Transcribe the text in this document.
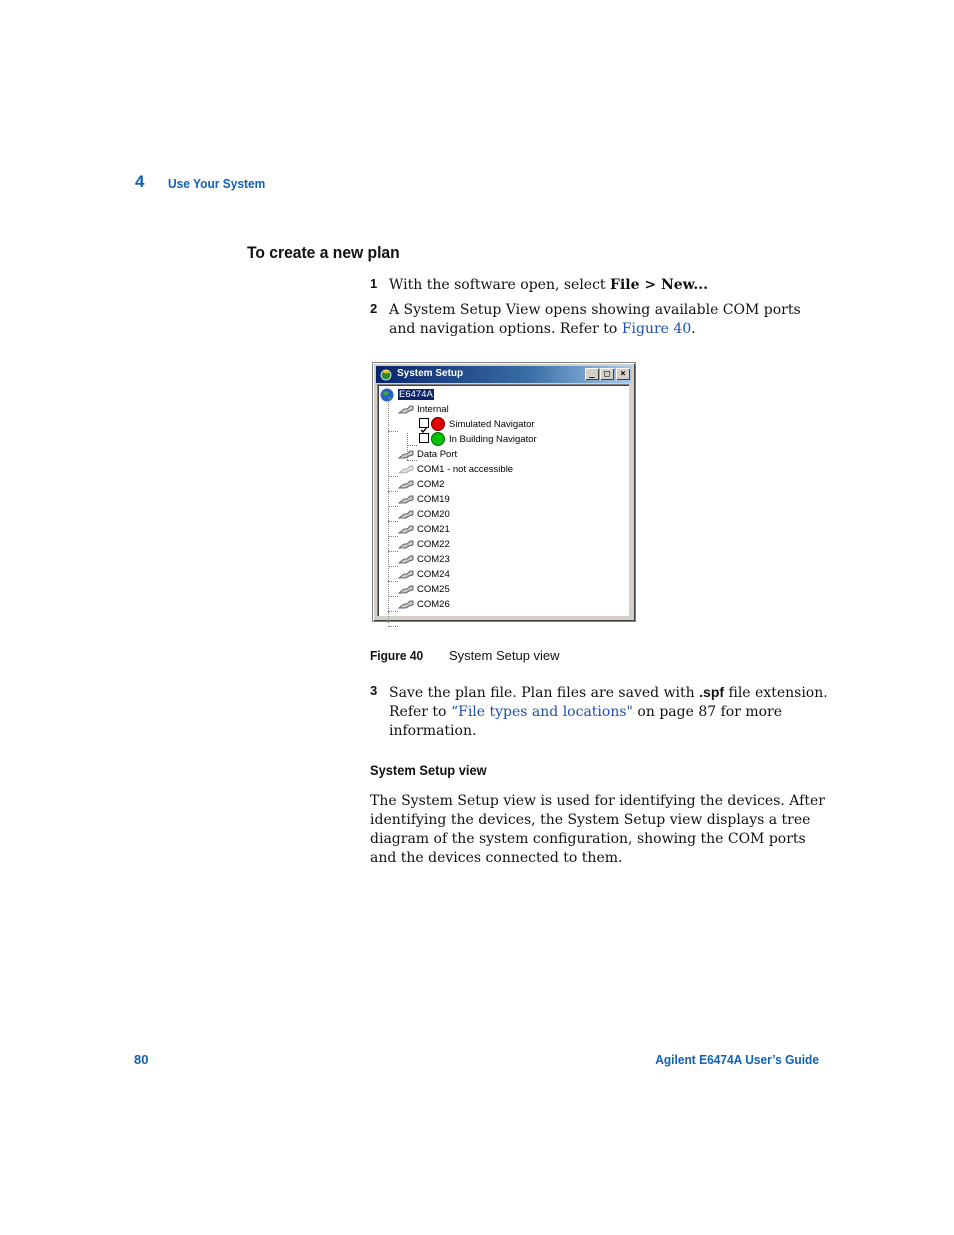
4 Use Your System
To create a new plan
1 With the software open, select File > New...
2 A System Setup View opens showing available COM ports and navigation options. Refer to Figure 40.
System Setup	_	□	×
E6474A
Internal
Simulated Navigator
In Building Navigator
Data Port
COM1 - not accessible
COM2
COM19
COM20
COM21
COM22
COM23
COM24
COM25
COM26
Figure 40 System Setup view
3 Save the plan file. Plan files are saved with .spf file extension. Refer to “File types and locations" on page 87 for more information.
System Setup view
The System Setup view is used for identifying the devices. After identifying the devices, the System Setup view displays a tree diagram of the system configuration, showing the COM ports and the devices connected to them.
80	Agilent E6474A User’s Guide
